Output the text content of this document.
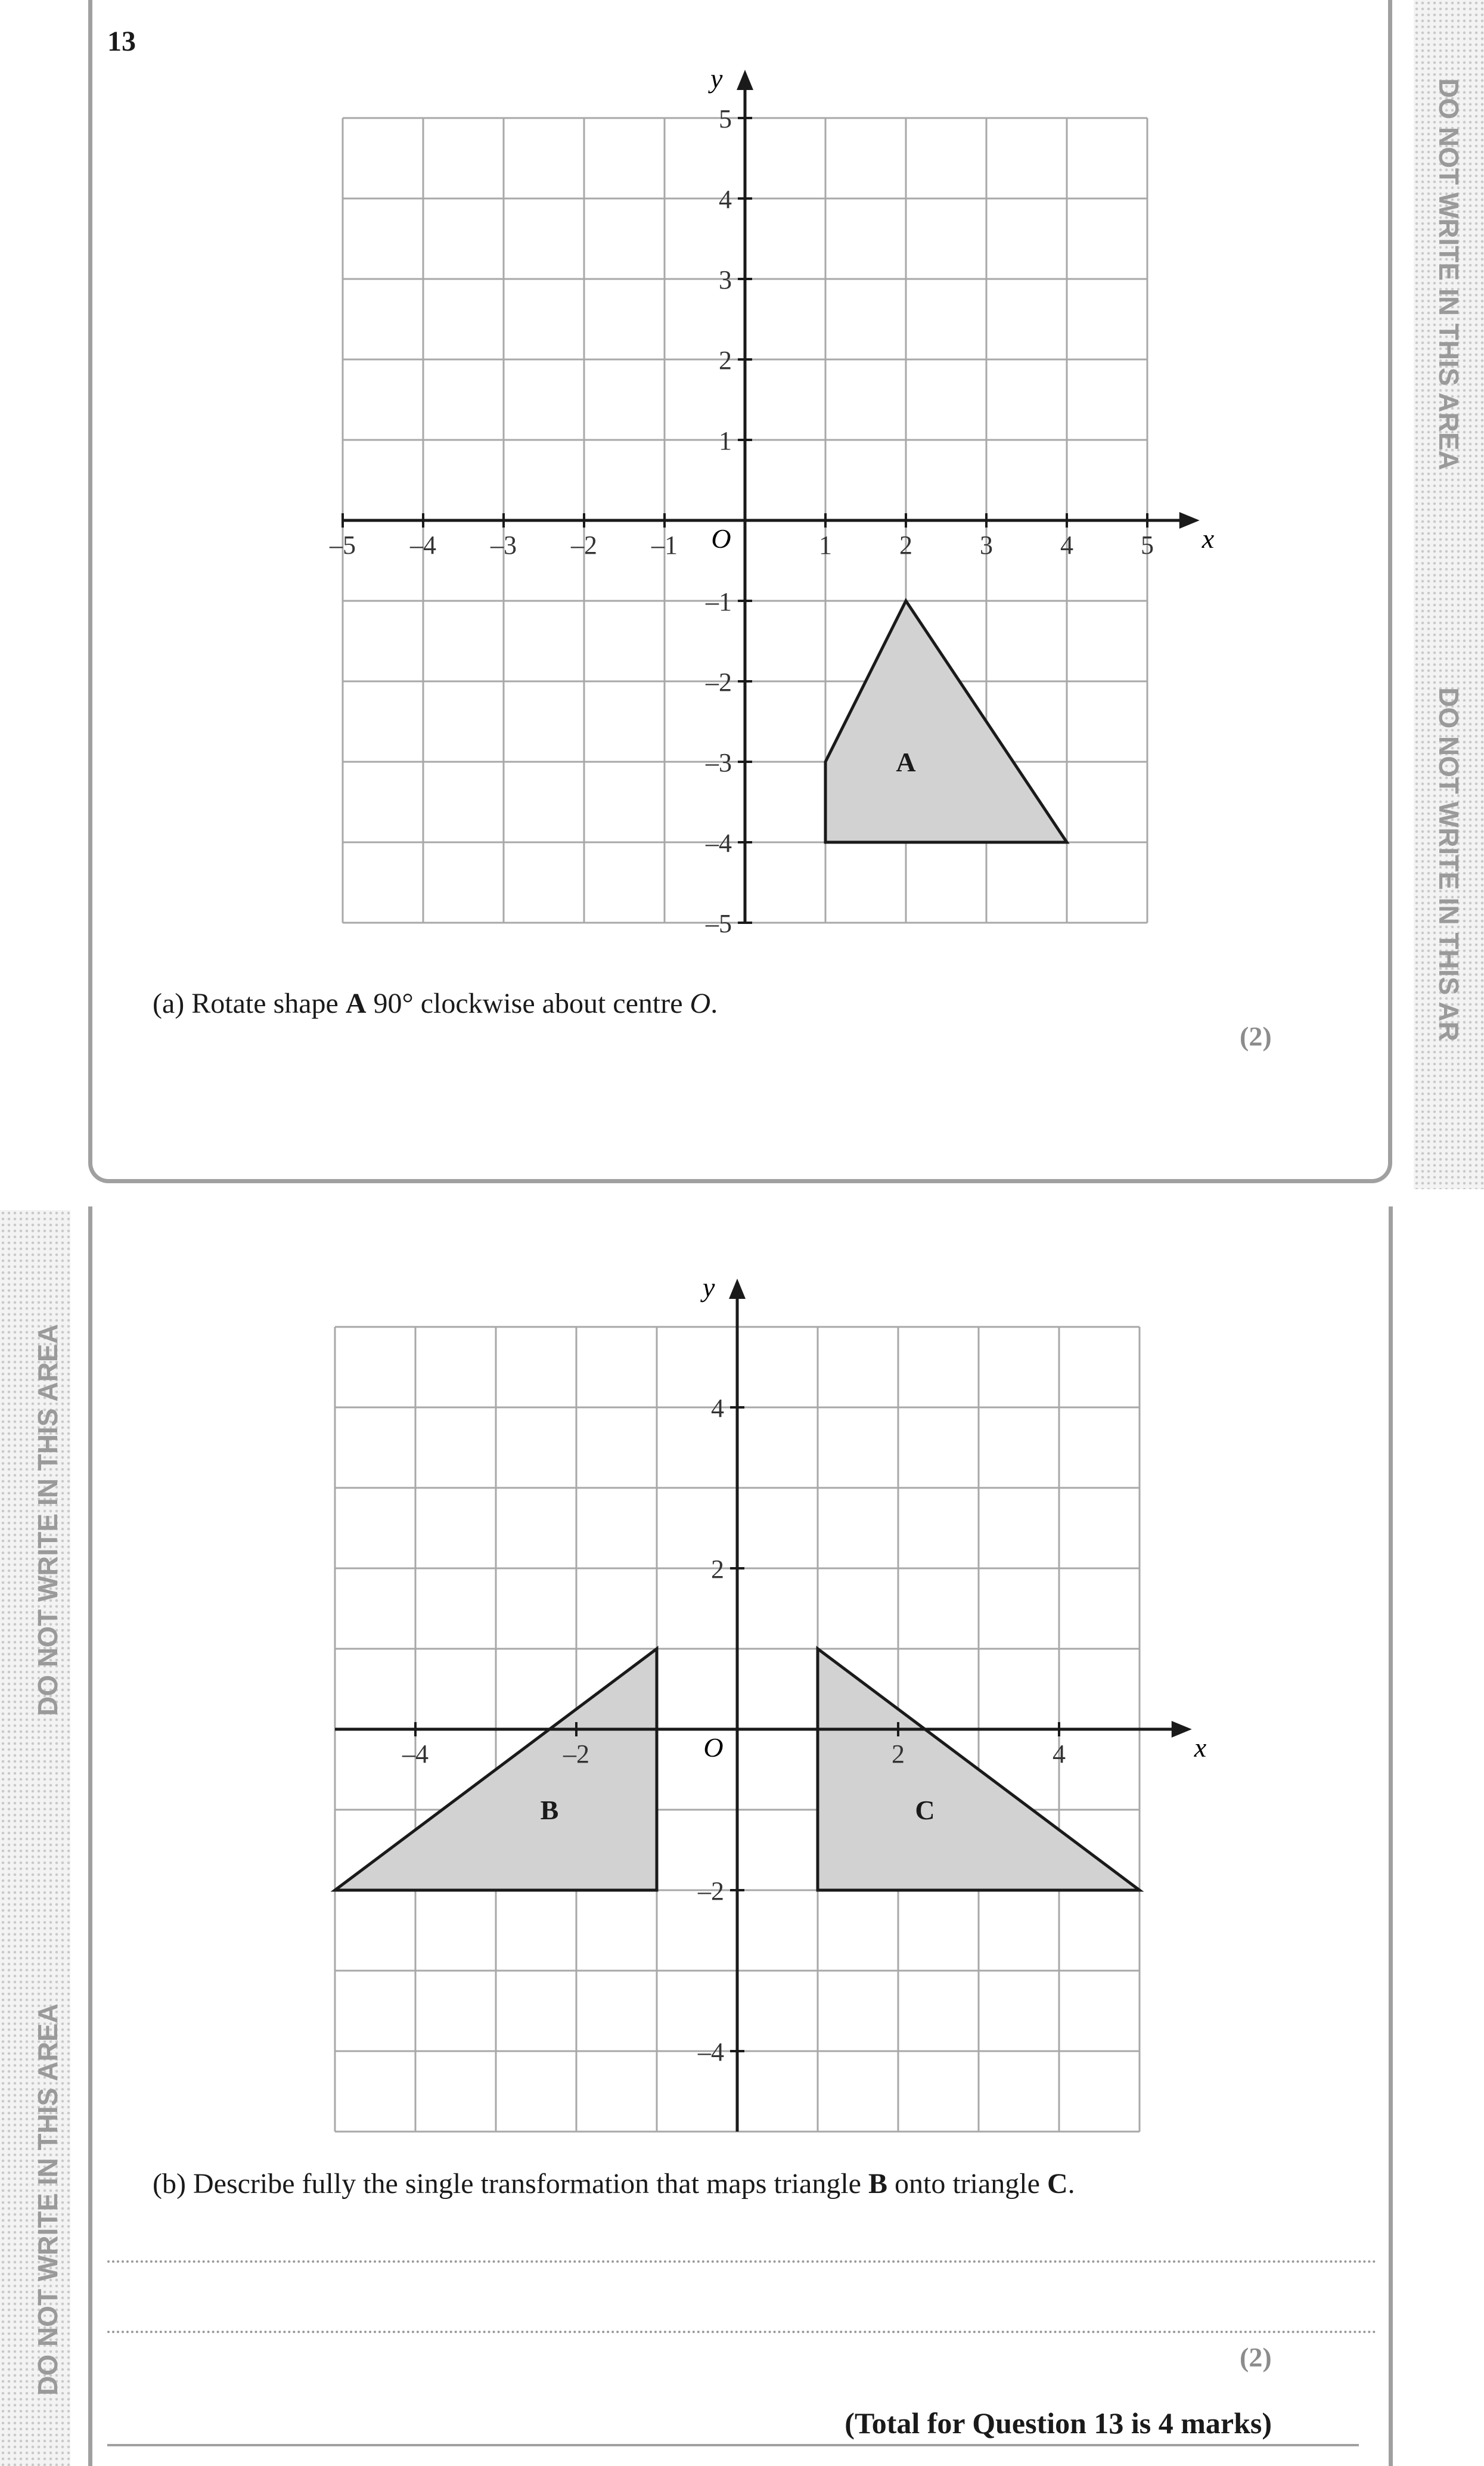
DO NOT WRITE IN THIS AREA
DO NOT WRITE IN THIS AR
DO NOT WRITE IN THIS AREA
DO NOT WRITE IN THIS AREA
13
A
x
y
O
–5 –4 –3 –2 –1	1	2	3	4	5
5
4
3
2
1
–1
–2
–3
–4
–5
(a) Rotate shape A 90° clockwise about centre O.
(2)
B	C
x
y
O
–4	–2	2	4
4
2
–2
–4
(b) Describe fully the single transformation that maps triangle B onto triangle C.
(2)
(Total for Question 13 is 4 marks)
